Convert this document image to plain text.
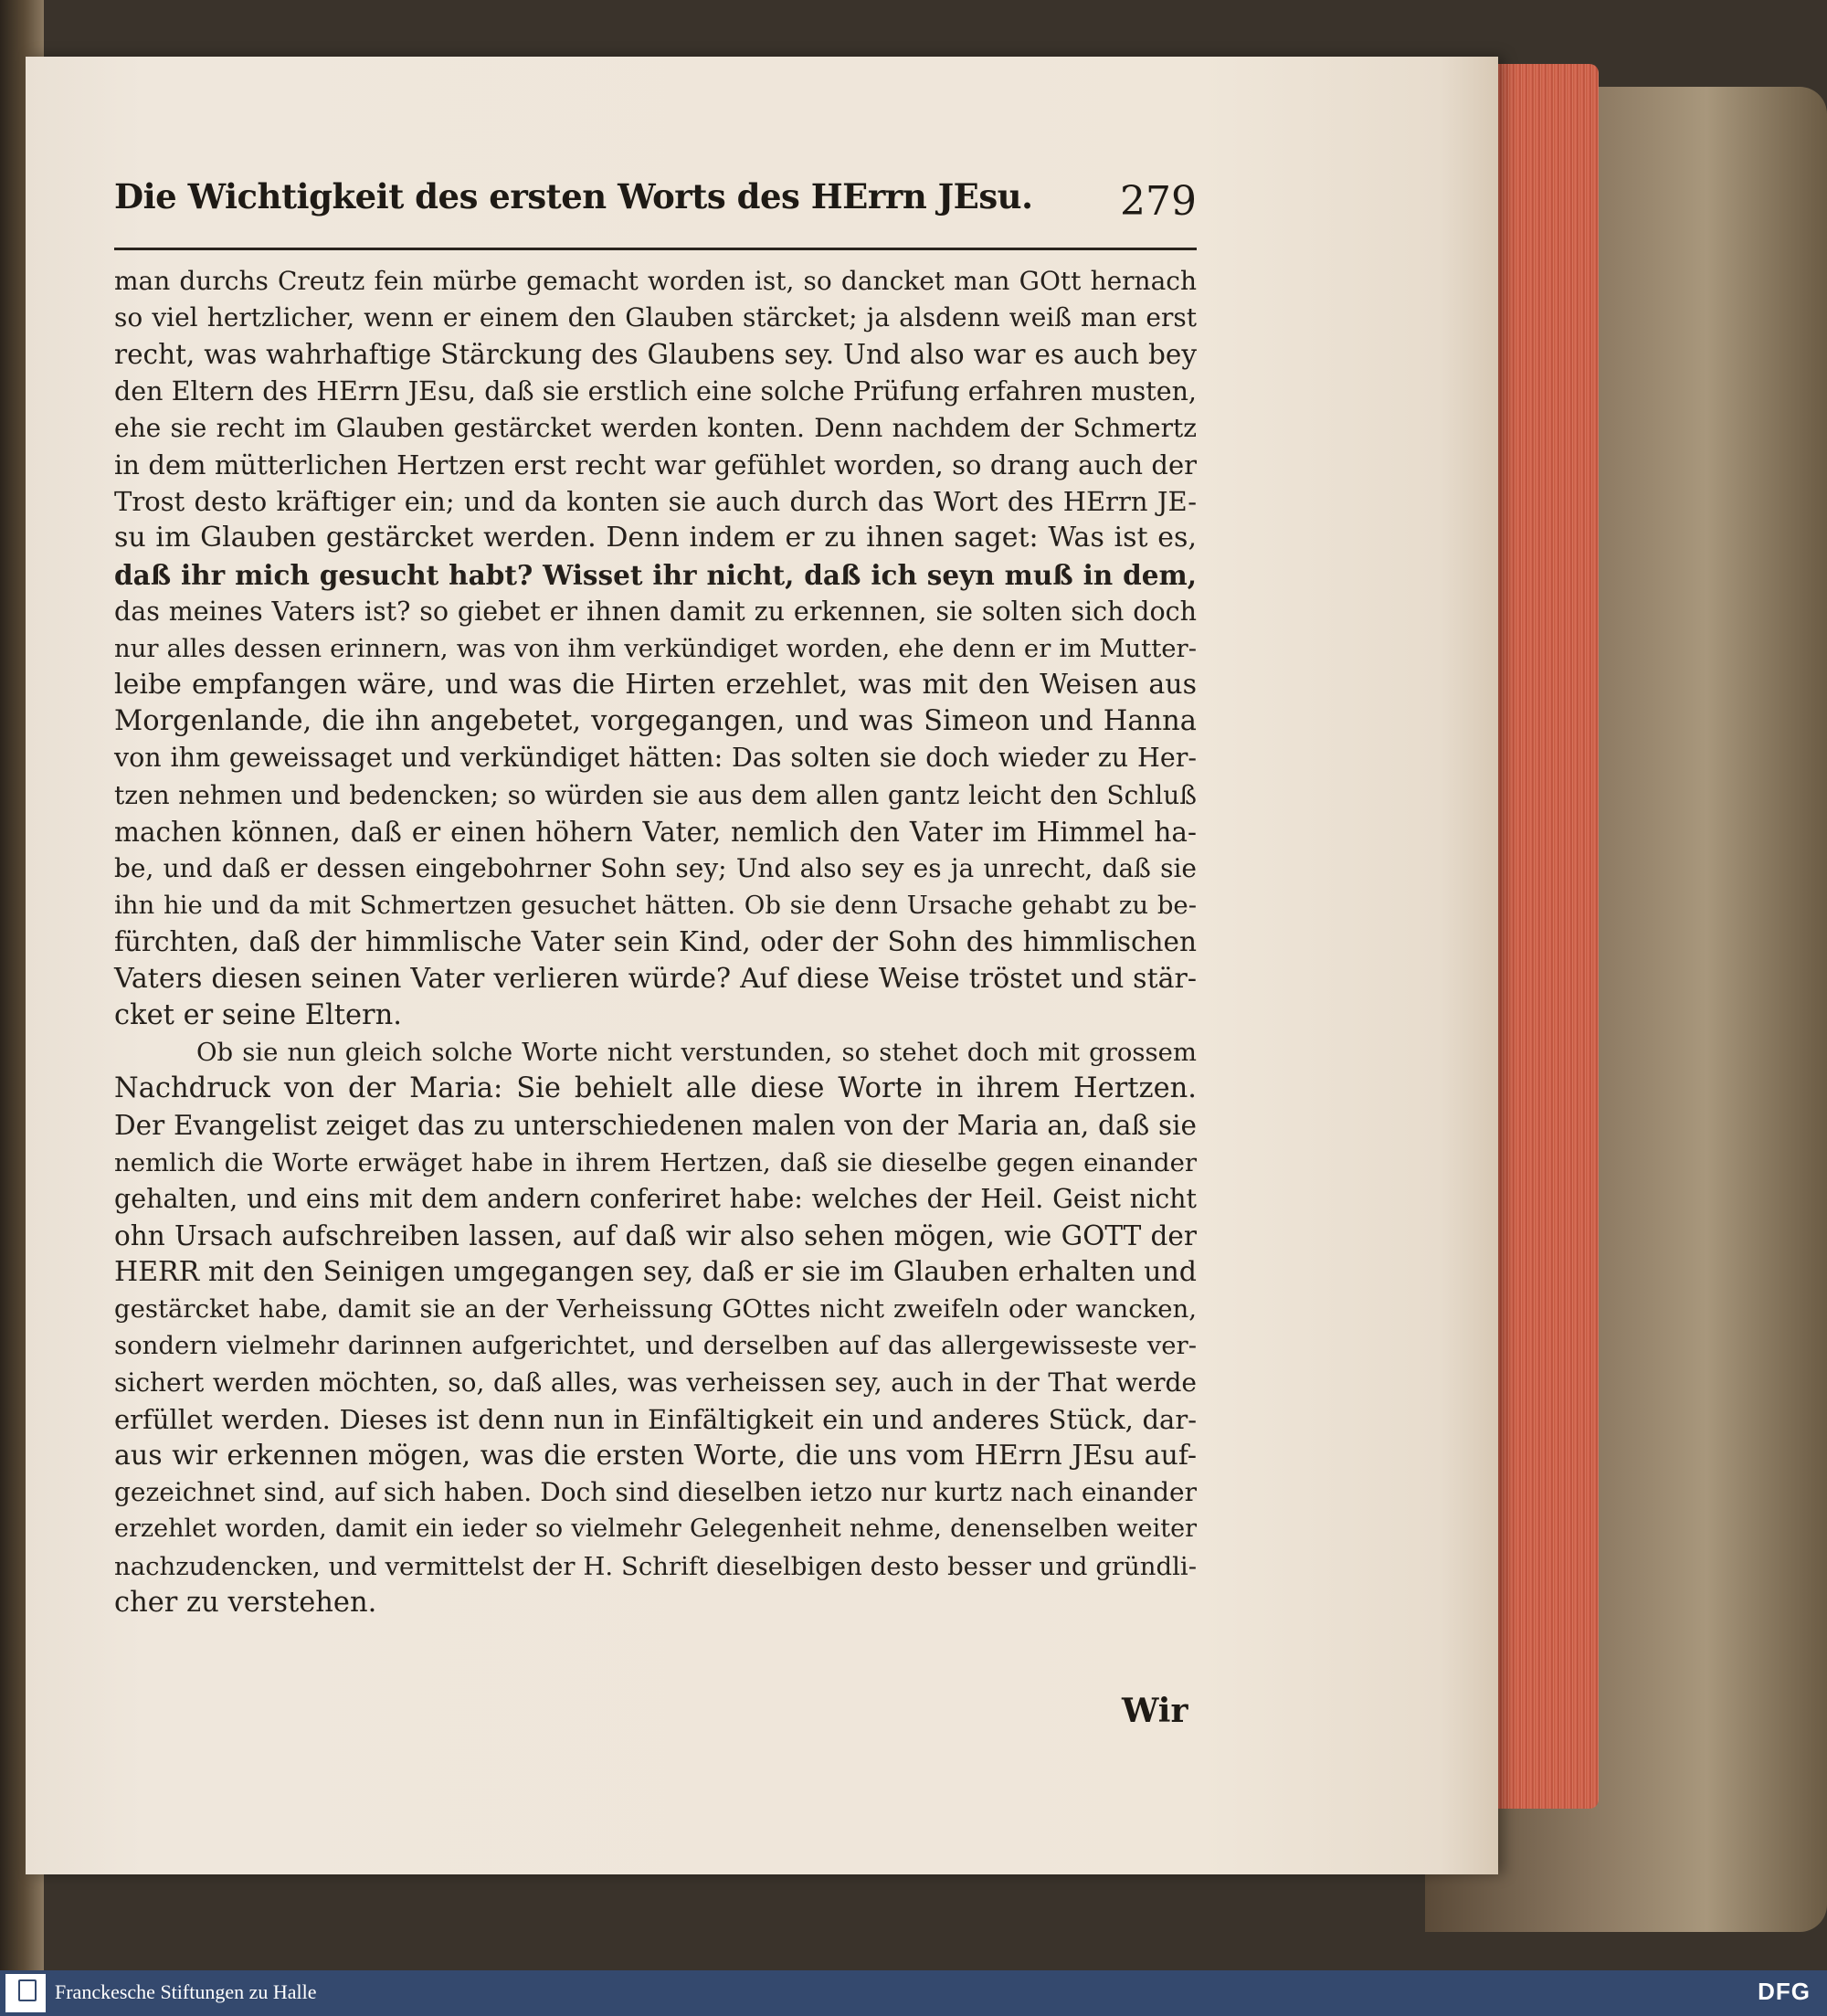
Die Wichtigkeit des ersten Worts des HErrn JEsu. 279
man durchs Creutz fein mürbe gemacht worden ist, so dancket man GOtt hernach
so viel hertzlicher, wenn er einem den Glauben stärcket; ja alsdenn weiß man erst
recht, was wahrhaftige Stärckung des Glaubens sey. Und also war es auch bey
den Eltern des HErrn JEsu, daß sie erstlich eine solche Prüfung erfahren musten,
ehe sie recht im Glauben gestärcket werden konten. Denn nachdem der Schmertz
in dem mütterlichen Hertzen erst recht war gefühlet worden, so drang auch der
Trost desto kräftiger ein; und da konten sie auch durch das Wort des HErrn JE-
su im Glauben gestärcket werden. Denn indem er zu ihnen saget: Was ist es,
daß ihr mich gesucht habt? Wisset ihr nicht, daß ich seyn muß in dem,
das meines Vaters ist? so giebet er ihnen damit zu erkennen, sie solten sich doch
nur alles dessen erinnern, was von ihm verkündiget worden, ehe denn er im Mutter-
leibe empfangen wäre, und was die Hirten erzehlet, was mit den Weisen aus
Morgenlande, die ihn angebetet, vorgegangen, und was Simeon und Hanna
von ihm geweissaget und verkündiget hätten: Das solten sie doch wieder zu Her-
tzen nehmen und bedencken; so würden sie aus dem allen gantz leicht den Schluß
machen können, daß er einen höhern Vater, nemlich den Vater im Himmel ha-
be, und daß er dessen eingebohrner Sohn sey; Und also sey es ja unrecht, daß sie
ihn hie und da mit Schmertzen gesuchet hätten. Ob sie denn Ursache gehabt zu be-
fürchten, daß der himmlische Vater sein Kind, oder der Sohn des himmlischen
Vaters diesen seinen Vater verlieren würde? Auf diese Weise tröstet und stär-
cket er seine Eltern.
Ob sie nun gleich solche Worte nicht verstunden, so stehet doch mit grossem
Nachdruck von der Maria: Sie behielt alle diese Worte in ihrem Hertzen.
Der Evangelist zeiget das zu unterschiedenen malen von der Maria an, daß sie
nemlich die Worte erwäget habe in ihrem Hertzen, daß sie dieselbe gegen einander
gehalten, und eins mit dem andern conferiret habe: welches der Heil. Geist nicht
ohn Ursach aufschreiben lassen, auf daß wir also sehen mögen, wie GOTT der
HERR mit den Seinigen umgegangen sey, daß er sie im Glauben erhalten und
gestärcket habe, damit sie an der Verheissung GOttes nicht zweifeln oder wancken,
sondern vielmehr darinnen aufgerichtet, und derselben auf das allergewisseste ver-
sichert werden möchten, so, daß alles, was verheissen sey, auch in der That werde
erfüllet werden. Dieses ist denn nun in Einfältigkeit ein und anderes Stück, dar-
aus wir erkennen mögen, was die ersten Worte, die uns vom HErrn JEsu auf-
gezeichnet sind, auf sich haben. Doch sind dieselben ietzo nur kurtz nach einander
erzehlet worden, damit ein ieder so vielmehr Gelegenheit nehme, denenselben weiter
nachzudencken, und vermittelst der H. Schrift dieselbigen desto besser und gründli-
cher zu verstehen.
Wir
Franckesche Stiftungen zu Halle	DFG
